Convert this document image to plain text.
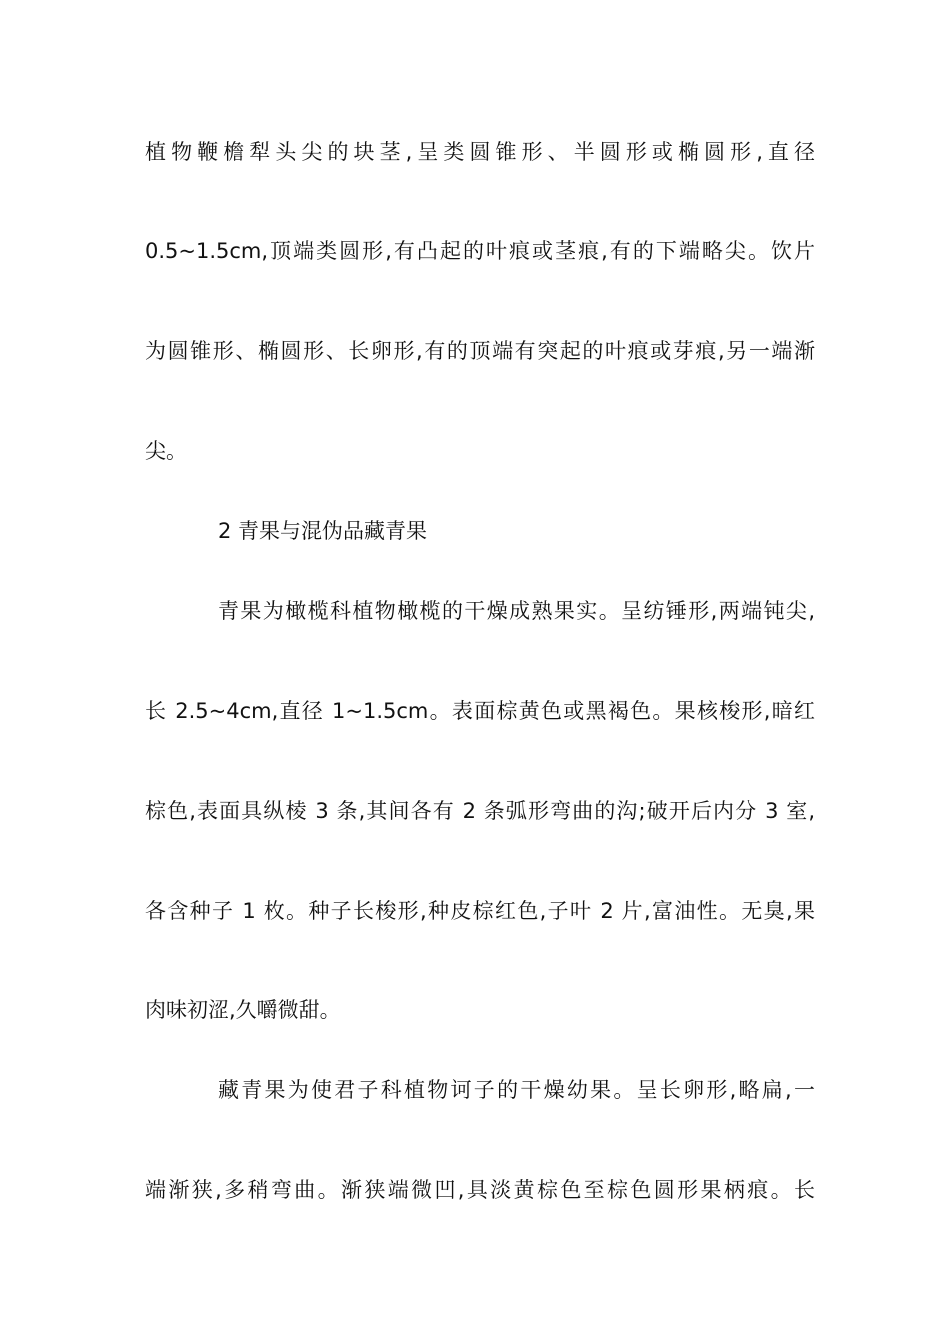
植物鞭檐犁头尖的块茎,呈类圆锥形、半圆形或椭圆形,直径
0.5~1.5cm,顶端类圆形,有凸起的叶痕或茎痕,有的下端略尖。饮片
为圆锥形、椭圆形、长卵形,有的顶端有突起的叶痕或芽痕,另一端渐
尖。
2 青果与混伪品藏青果
青果为橄榄科植物橄榄的干燥成熟果实。呈纺锤形,两端钝尖,
长 2.5~4cm,直径 1~1.5cm。表面棕黄色或黑褐色。果核梭形,暗红
棕色,表面具纵棱 3 条,其间各有 2 条弧形弯曲的沟;破开后内分 3 室,
各含种子 1 枚。种子长梭形,种皮棕红色,子叶 2 片,富油性。无臭,果
肉味初涩,久嚼微甜。
藏青果为使君子科植物诃子的干燥幼果。呈长卵形,略扁,一
端渐狭,多稍弯曲。渐狭端微凹,具淡黄棕色至棕色圆形果柄痕。长
